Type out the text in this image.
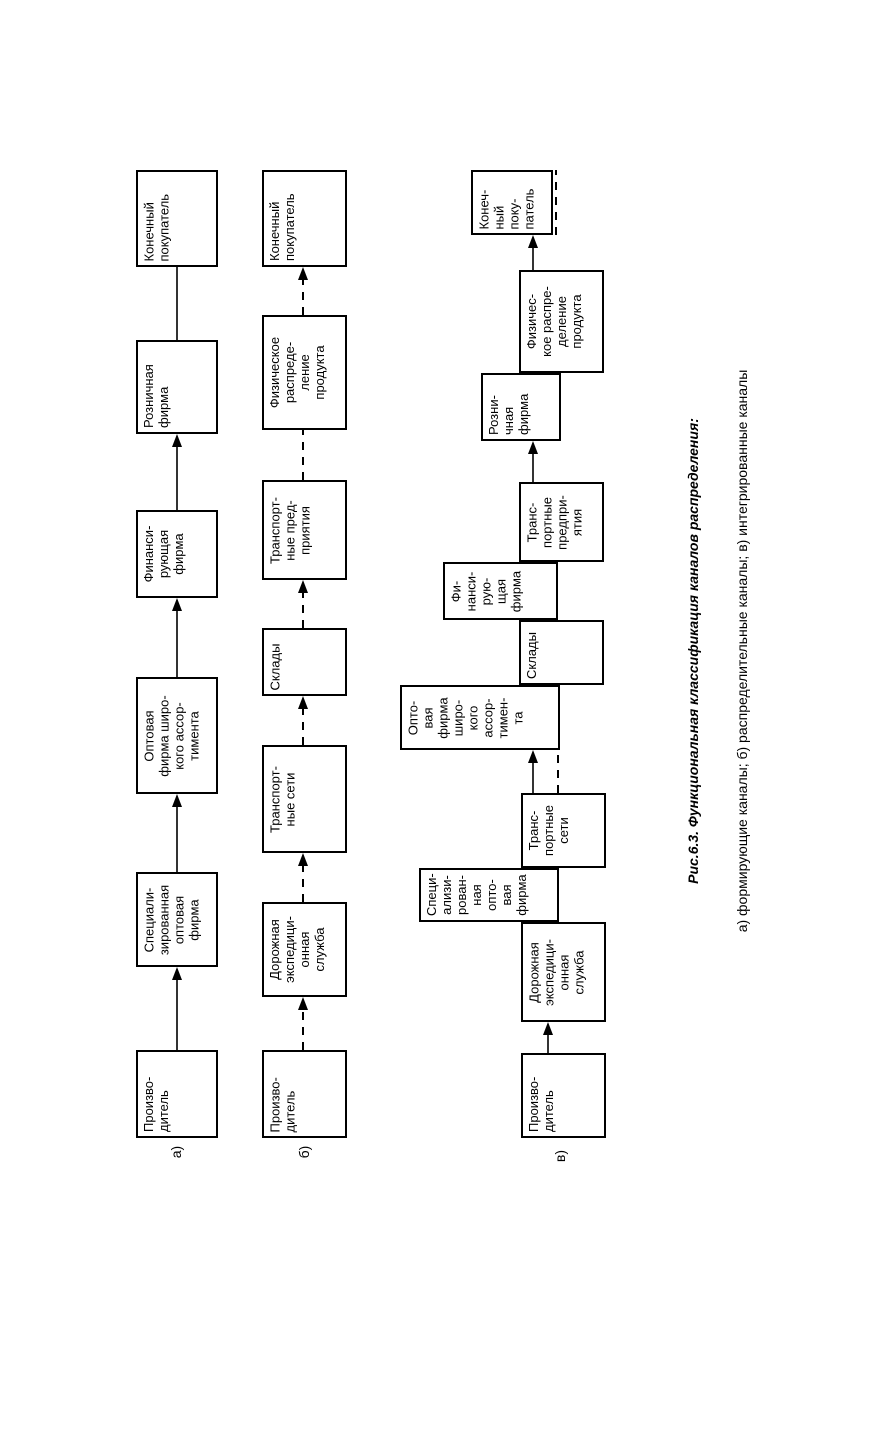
Произво- дитель
Специали- зированная оптовая фирма
Оптовая фирма широ- кого ассор- тимента
Финанси- рующая фирма
Розничная фирма
Конечный покупатель
а)
Произво- дитель
Дорожная экспедици- онная служба
Транспорт- ные сети
Склады
Транспорт- ные пред- приятия
Физическое распреде- ление продукта
Конечный покупатель
б)
Произво- дитель
Дорожная экспедици- онная служба
Специ- ализи- рован- ная опто- вая фирма
Транс- портные сети
Опто- вая фирма широ- кого ассор- тимен- та
Склады
Фи- нанси- рую- щая фирма
Транс- портные предпри- ятия
Розни- чная фирма
Физичес- кое распре- деление продукта
Конеч- ный поку- патель
в)
Рис.6.3. Функциональная классификация каналов распределения: а) формирующие каналы; б) распределительные каналы; в) интегрированные каналы
